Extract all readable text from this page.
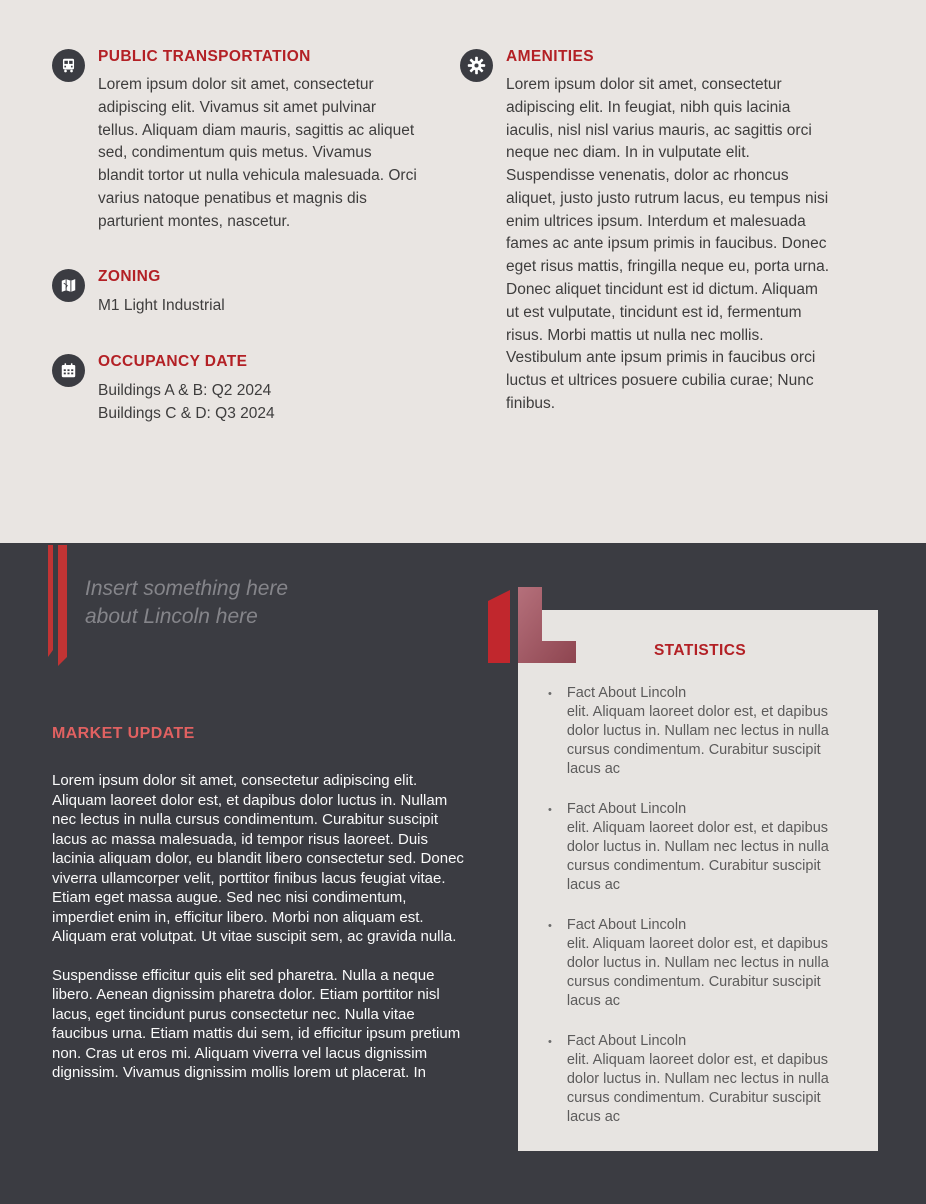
PUBLIC TRANSPORTATION

Lorem ipsum dolor sit amet, consectetur adipiscing elit. Vivamus sit amet pulvinar tellus. Aliquam diam mauris, sagittis ac aliquet sed, condimentum quis metus. Vivamus blandit tortor ut nulla vehicula malesuada. Orci varius natoque penatibus et magnis dis parturient montes, nascetur.

ZONING

M1 Light Industrial

OCCUPANCY DATE

Buildings A & B: Q2 2024

Buildings C & D: Q3 2024

AMENITIES

Lorem ipsum dolor sit amet, consectetur adipiscing elit. In feugiat, nibh quis lacinia iaculis, nisl nisl varius mauris, ac sagittis orci neque nec diam. In in vulputate elit. Suspendisse venenatis, dolor ac rhoncus aliquet, justo justo rutrum lacus, eu tempus nisi enim ultrices ipsum. Interdum et malesuada fames ac ante ipsum primis in faucibus. Donec eget risus mattis, fringilla neque eu, porta urna. Donec aliquet tincidunt est id dictum. Aliquam ut est vulputate, tincidunt est id, fermentum risus. Morbi mattis ut nulla nec mollis. Vestibulum ante ipsum primis in faucibus orci luctus et ultrices posuere cubilia curae; Nunc finibus.

Insert something here about Lincoln here
STATISTICS
• Fact About Lincoln
elit. Aliquam laoreet dolor est, et dapibus dolor luctus in. Nullam nec lectus in nulla cursus condimentum. Curabitur suscipit lacus ac
• Fact About Lincoln
elit. Aliquam laoreet dolor est, et dapibus dolor luctus in. Nullam nec lectus in nulla cursus condimentum. Curabitur suscipit lacus ac
• Fact About Lincoln
elit. Aliquam laoreet dolor est, et dapibus dolor luctus in. Nullam nec lectus in nulla cursus condimentum. Curabitur suscipit lacus ac
• Fact About Lincoln
elit. Aliquam laoreet dolor est, et dapibus dolor luctus in. Nullam nec lectus in nulla cursus condimentum. Curabitur suscipit lacus ac
MARKET UPDATE

Lorem ipsum dolor sit amet, consectetur adipiscing elit. Aliquam laoreet dolor est, et dapibus dolor luctus in. Nullam nec lectus in nulla cursus condimentum. Curabitur suscipit lacus ac massa malesuada, id tempor risus laoreet. Duis lacinia aliquam dolor, eu blandit libero consectetur sed. Donec viverra ullamcorper velit, porttitor finibus lacus feugiat vitae. Etiam eget massa augue. Sed nec nisi condimentum, imperdiet enim in, efficitur libero. Morbi non aliquam est. Aliquam erat volutpat. Ut vitae suscipit sem, ac gravida nulla.

Suspendisse efficitur quis elit sed pharetra. Nulla a neque libero. Aenean dignissim pharetra dolor. Etiam porttitor nisl lacus, eget tincidunt purus consectetur nec. Nulla vitae faucibus urna. Etiam mattis dui sem, id efficitur ipsum pretium non. Cras ut eros mi. Aliquam viverra vel lacus dignissim dignissim. Vivamus dignissim mollis lorem ut placerat. In
